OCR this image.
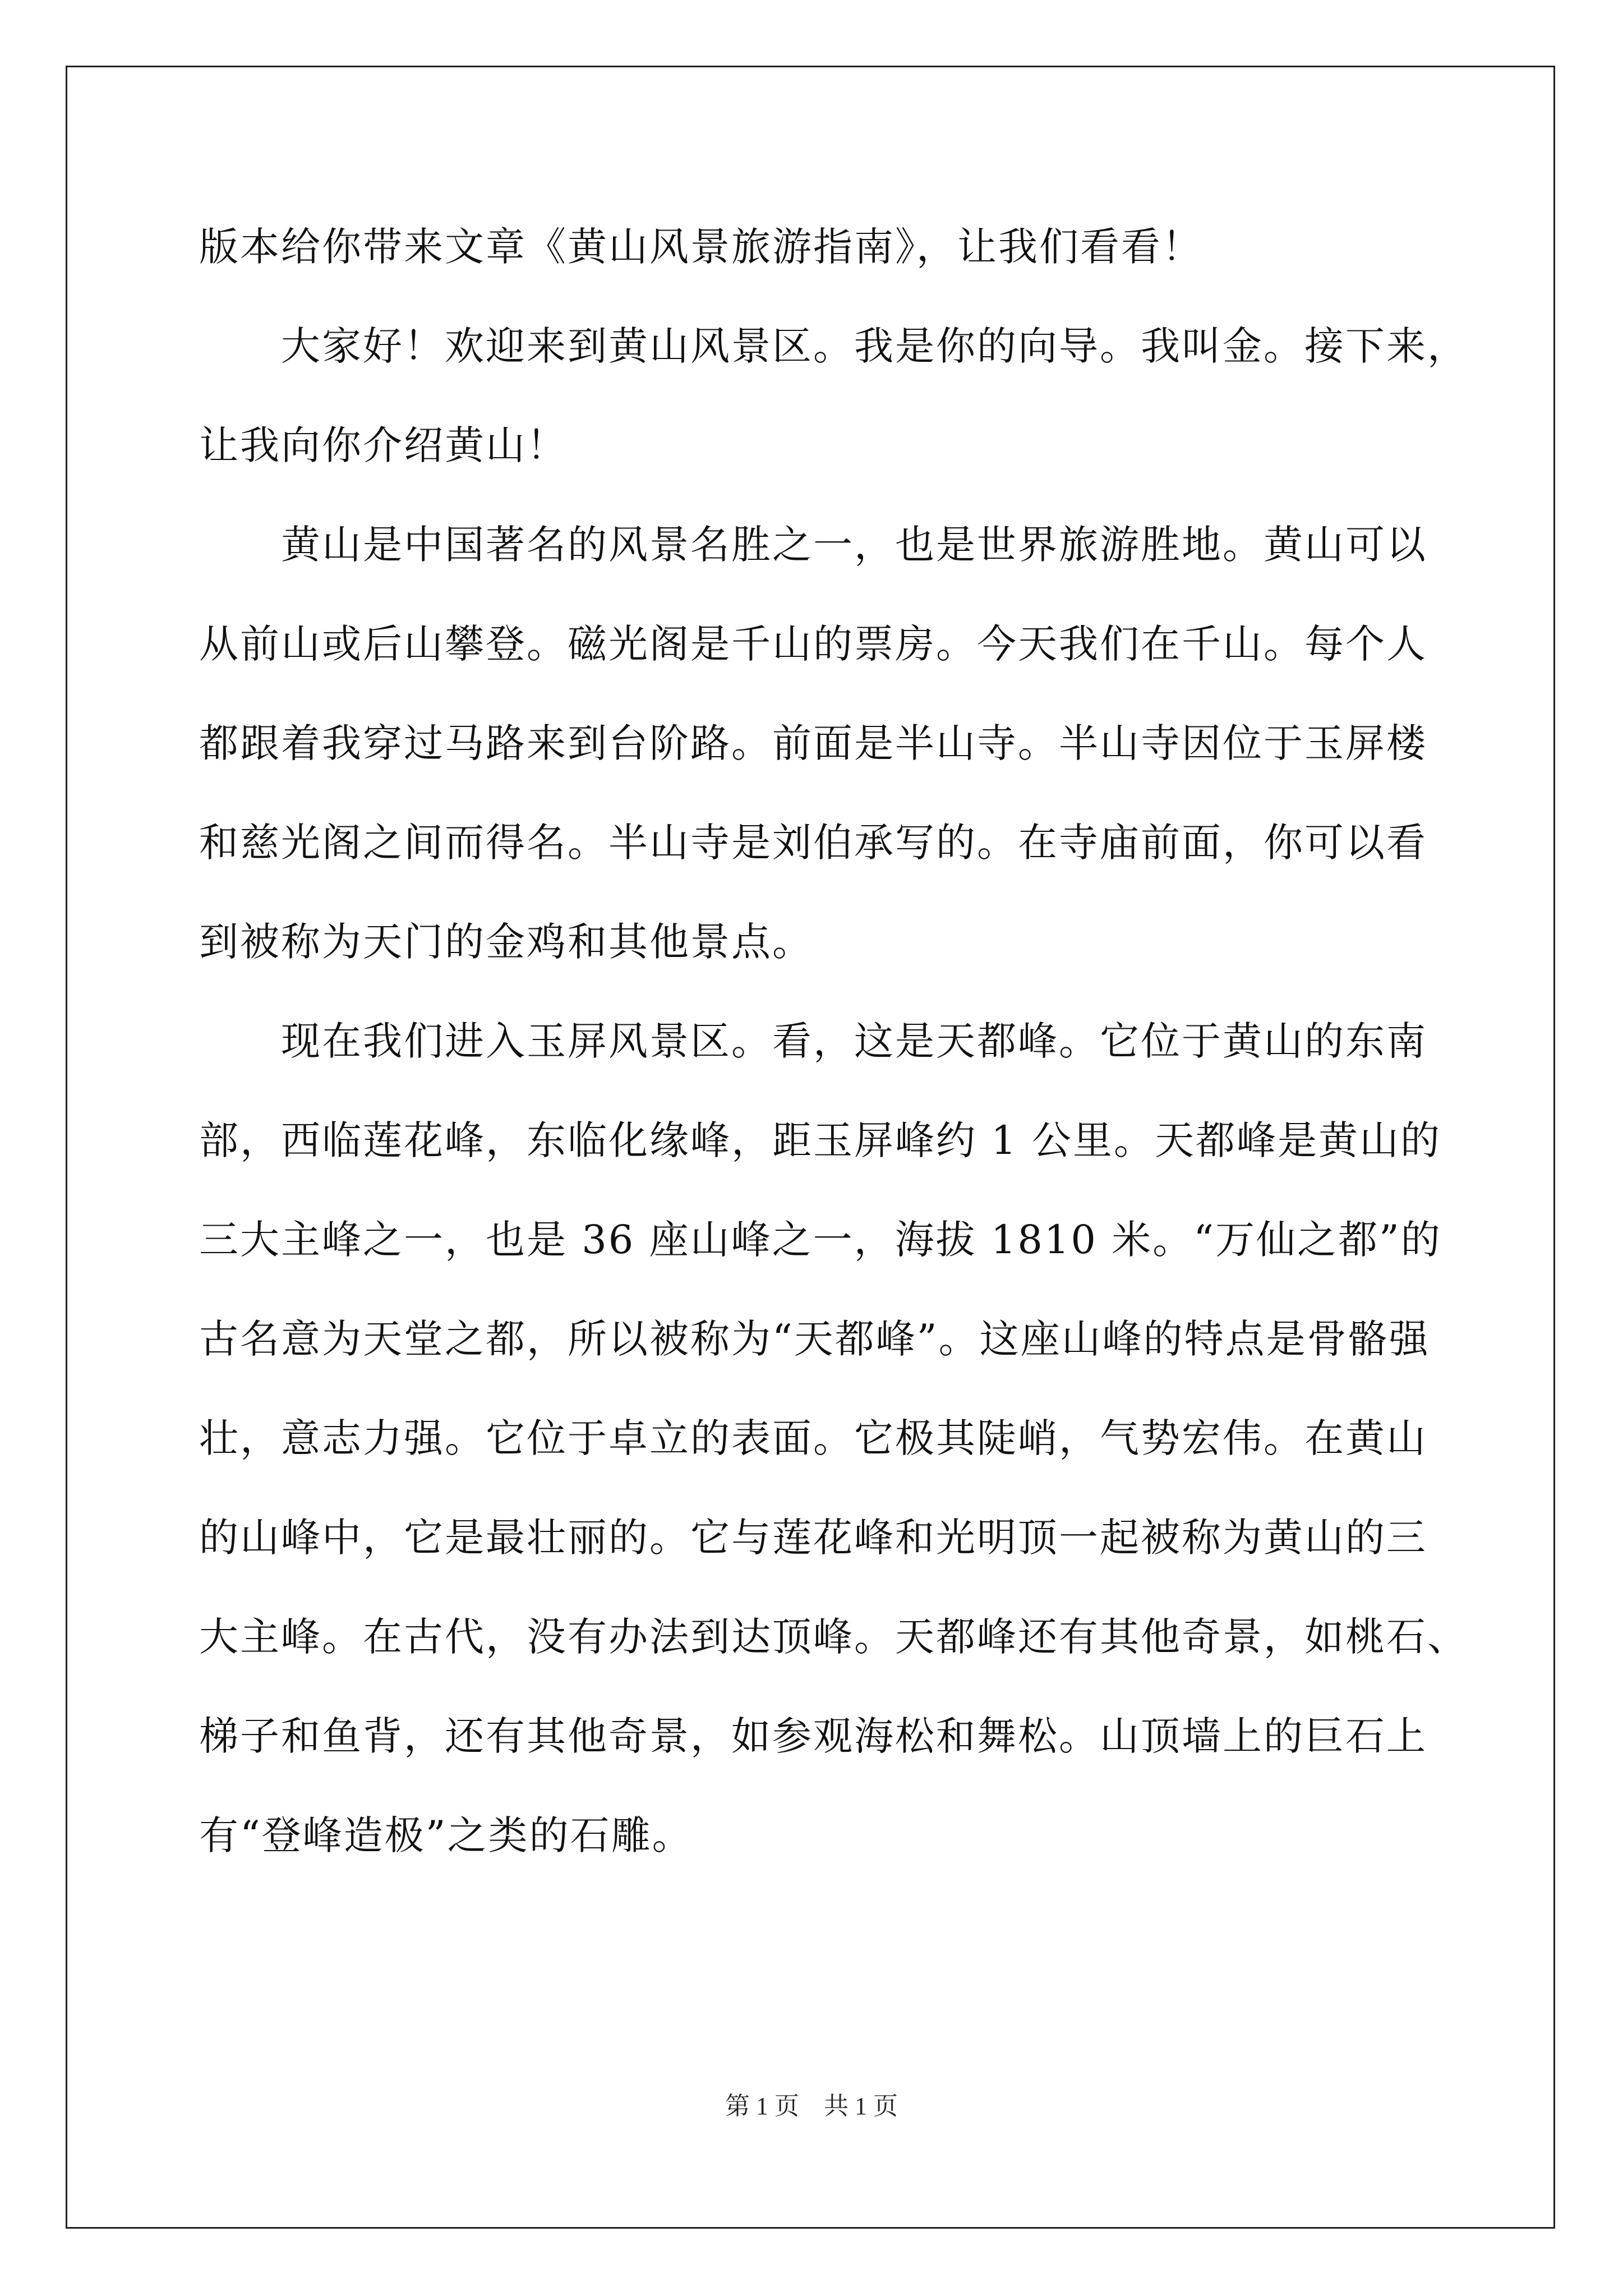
版本给你带来文章《黄山风景旅游指南》，让我们看看！
大家好！欢迎来到黄山风景区。我是你的向导。我叫金。接下来，
让我向你介绍黄山！
黄山是中国著名的风景名胜之一，也是世界旅游胜地。黄山可以
从前山或后山攀登。磁光阁是千山的票房。今天我们在千山。每个人
都跟着我穿过马路来到台阶路。前面是半山寺。半山寺因位于玉屏楼
和慈光阁之间而得名。半山寺是刘伯承写的。在寺庙前面，你可以看
到被称为天门的金鸡和其他景点。
现在我们进入玉屏风景区。看，这是天都峰。它位于黄山的东南
部，西临莲花峰，东临化缘峰，距玉屏峰约 1 公里。天都峰是黄山的
三大主峰之一，也是 36 座山峰之一，海拔 1810 米。“万仙之都”的
古名意为天堂之都，所以被称为“天都峰”。这座山峰的特点是骨骼强
壮，意志力强。它位于卓立的表面。它极其陡峭，气势宏伟。在黄山
的山峰中，它是最壮丽的。它与莲花峰和光明顶一起被称为黄山的三
大主峰。在古代，没有办法到达顶峰。天都峰还有其他奇景，如桃石、
梯子和鱼背，还有其他奇景，如参观海松和舞松。山顶墙上的巨石上
有“登峰造极”之类的石雕。
第 1 页　共 1 页
